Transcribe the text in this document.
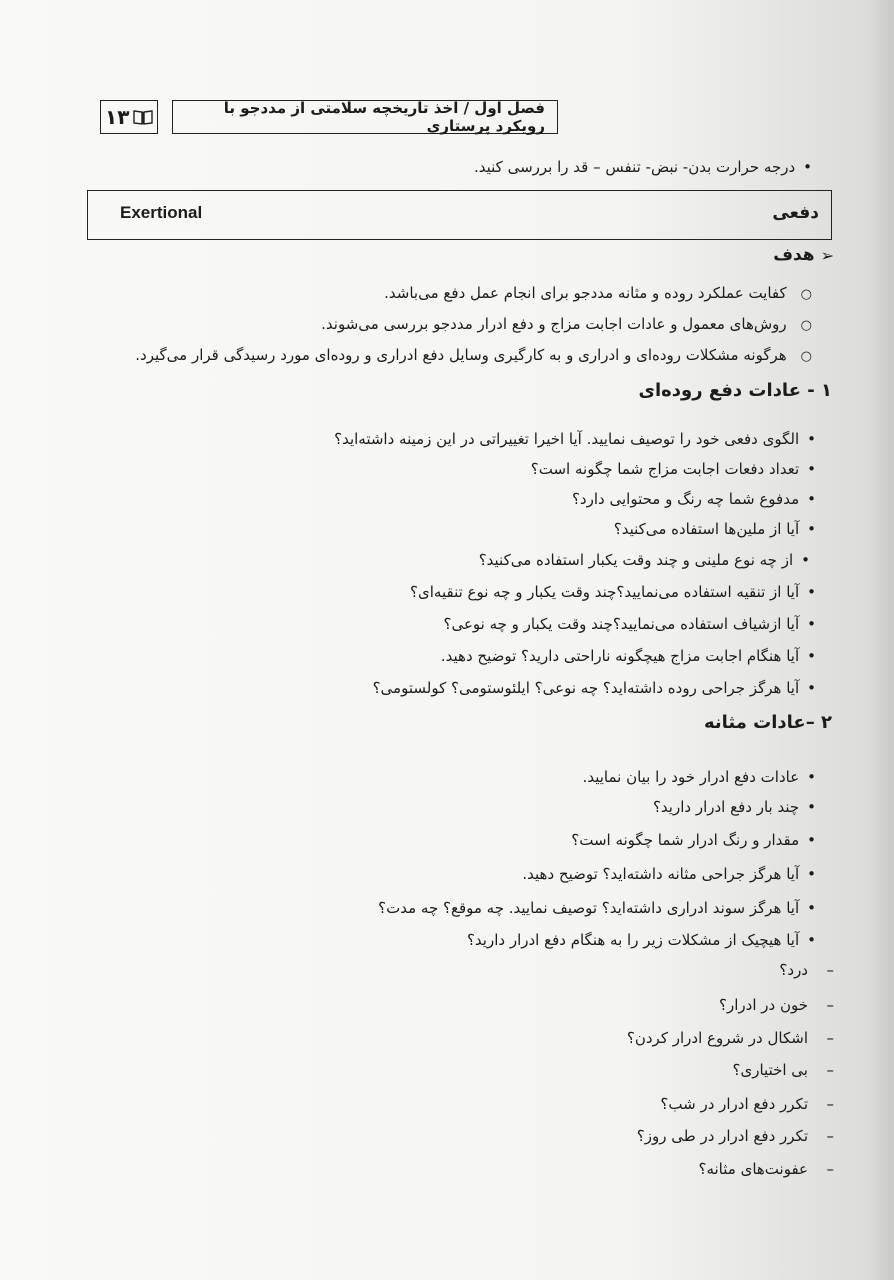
فصل اول / اخذ تاریخچه سلامتی از مددجو با رویکرد پرستاری
۱۳
• درجه حرارت بدن- نبض- تنفس – قد را بررسی کنید.
دفعی
Exertional
➢
هدف
○ کفایت عملکرد روده و مثانه مددجو برای انجام عمل دفع می‌باشد.
○ روش‌های معمول و عادات اجابت مزاج و دفع ادرار مددجو بررسی می‌شوند.
○ هرگونه مشکلات روده‌ای و ادراری و به کارگیری وسایل دفع ادراری و روده‌ای مورد رسیدگی قرار می‌گیرد.
۱ - عادات دفع روده‌ای
• الگوی دفعی خود را توصیف نمایید. آیا اخیرا تغییراتی در این زمینه داشته‌اید؟
• تعداد دفعات اجابت مزاج شما چگونه است؟
• مدفوع شما چه رنگ و محتوایی دارد؟
• آیا از ملین‌ها استفاده می‌کنید؟
• از چه نوع ملینی و چند وقت یکبار استفاده می‌کنید؟
• آیا از تنقیه استفاده می‌نمایید؟چند وقت یکبار و چه نوع تنقیه‌ای؟
• آیا ازشیاف استفاده می‌نمایید؟چند وقت یکبار و چه نوعی؟
• آیا هنگام اجابت مزاج هیچگونه ناراحتی دارید؟ توضیح دهید.
• آیا هرگز جراحی روده داشته‌اید؟ چه نوعی؟ ایلئوستومی؟ کولستومی؟
۲ –عادات مثانه
• عادات دفع ادرار خود را بیان نمایید.
• چند بار دفع ادرار دارید؟
• مقدار و رنگ ادرار شما چگونه است؟
• آیا هرگز جراحی مثانه داشته‌اید؟ توضیح دهید.
• آیا هرگز سوند ادراری داشته‌اید؟ توصیف نمایید. چه موقع؟ چه مدت؟
• آیا هیچیک از مشکلات زیر را به هنگام دفع ادرار دارید؟
–درد؟
–خون در ادرار؟
–اشکال در شروع ادرار کردن؟
–بی اختیاری؟
–تکرر دفع ادرار در شب؟
–تکرر دفع ادرار در طی روز؟
–عفونت‌های مثانه؟
